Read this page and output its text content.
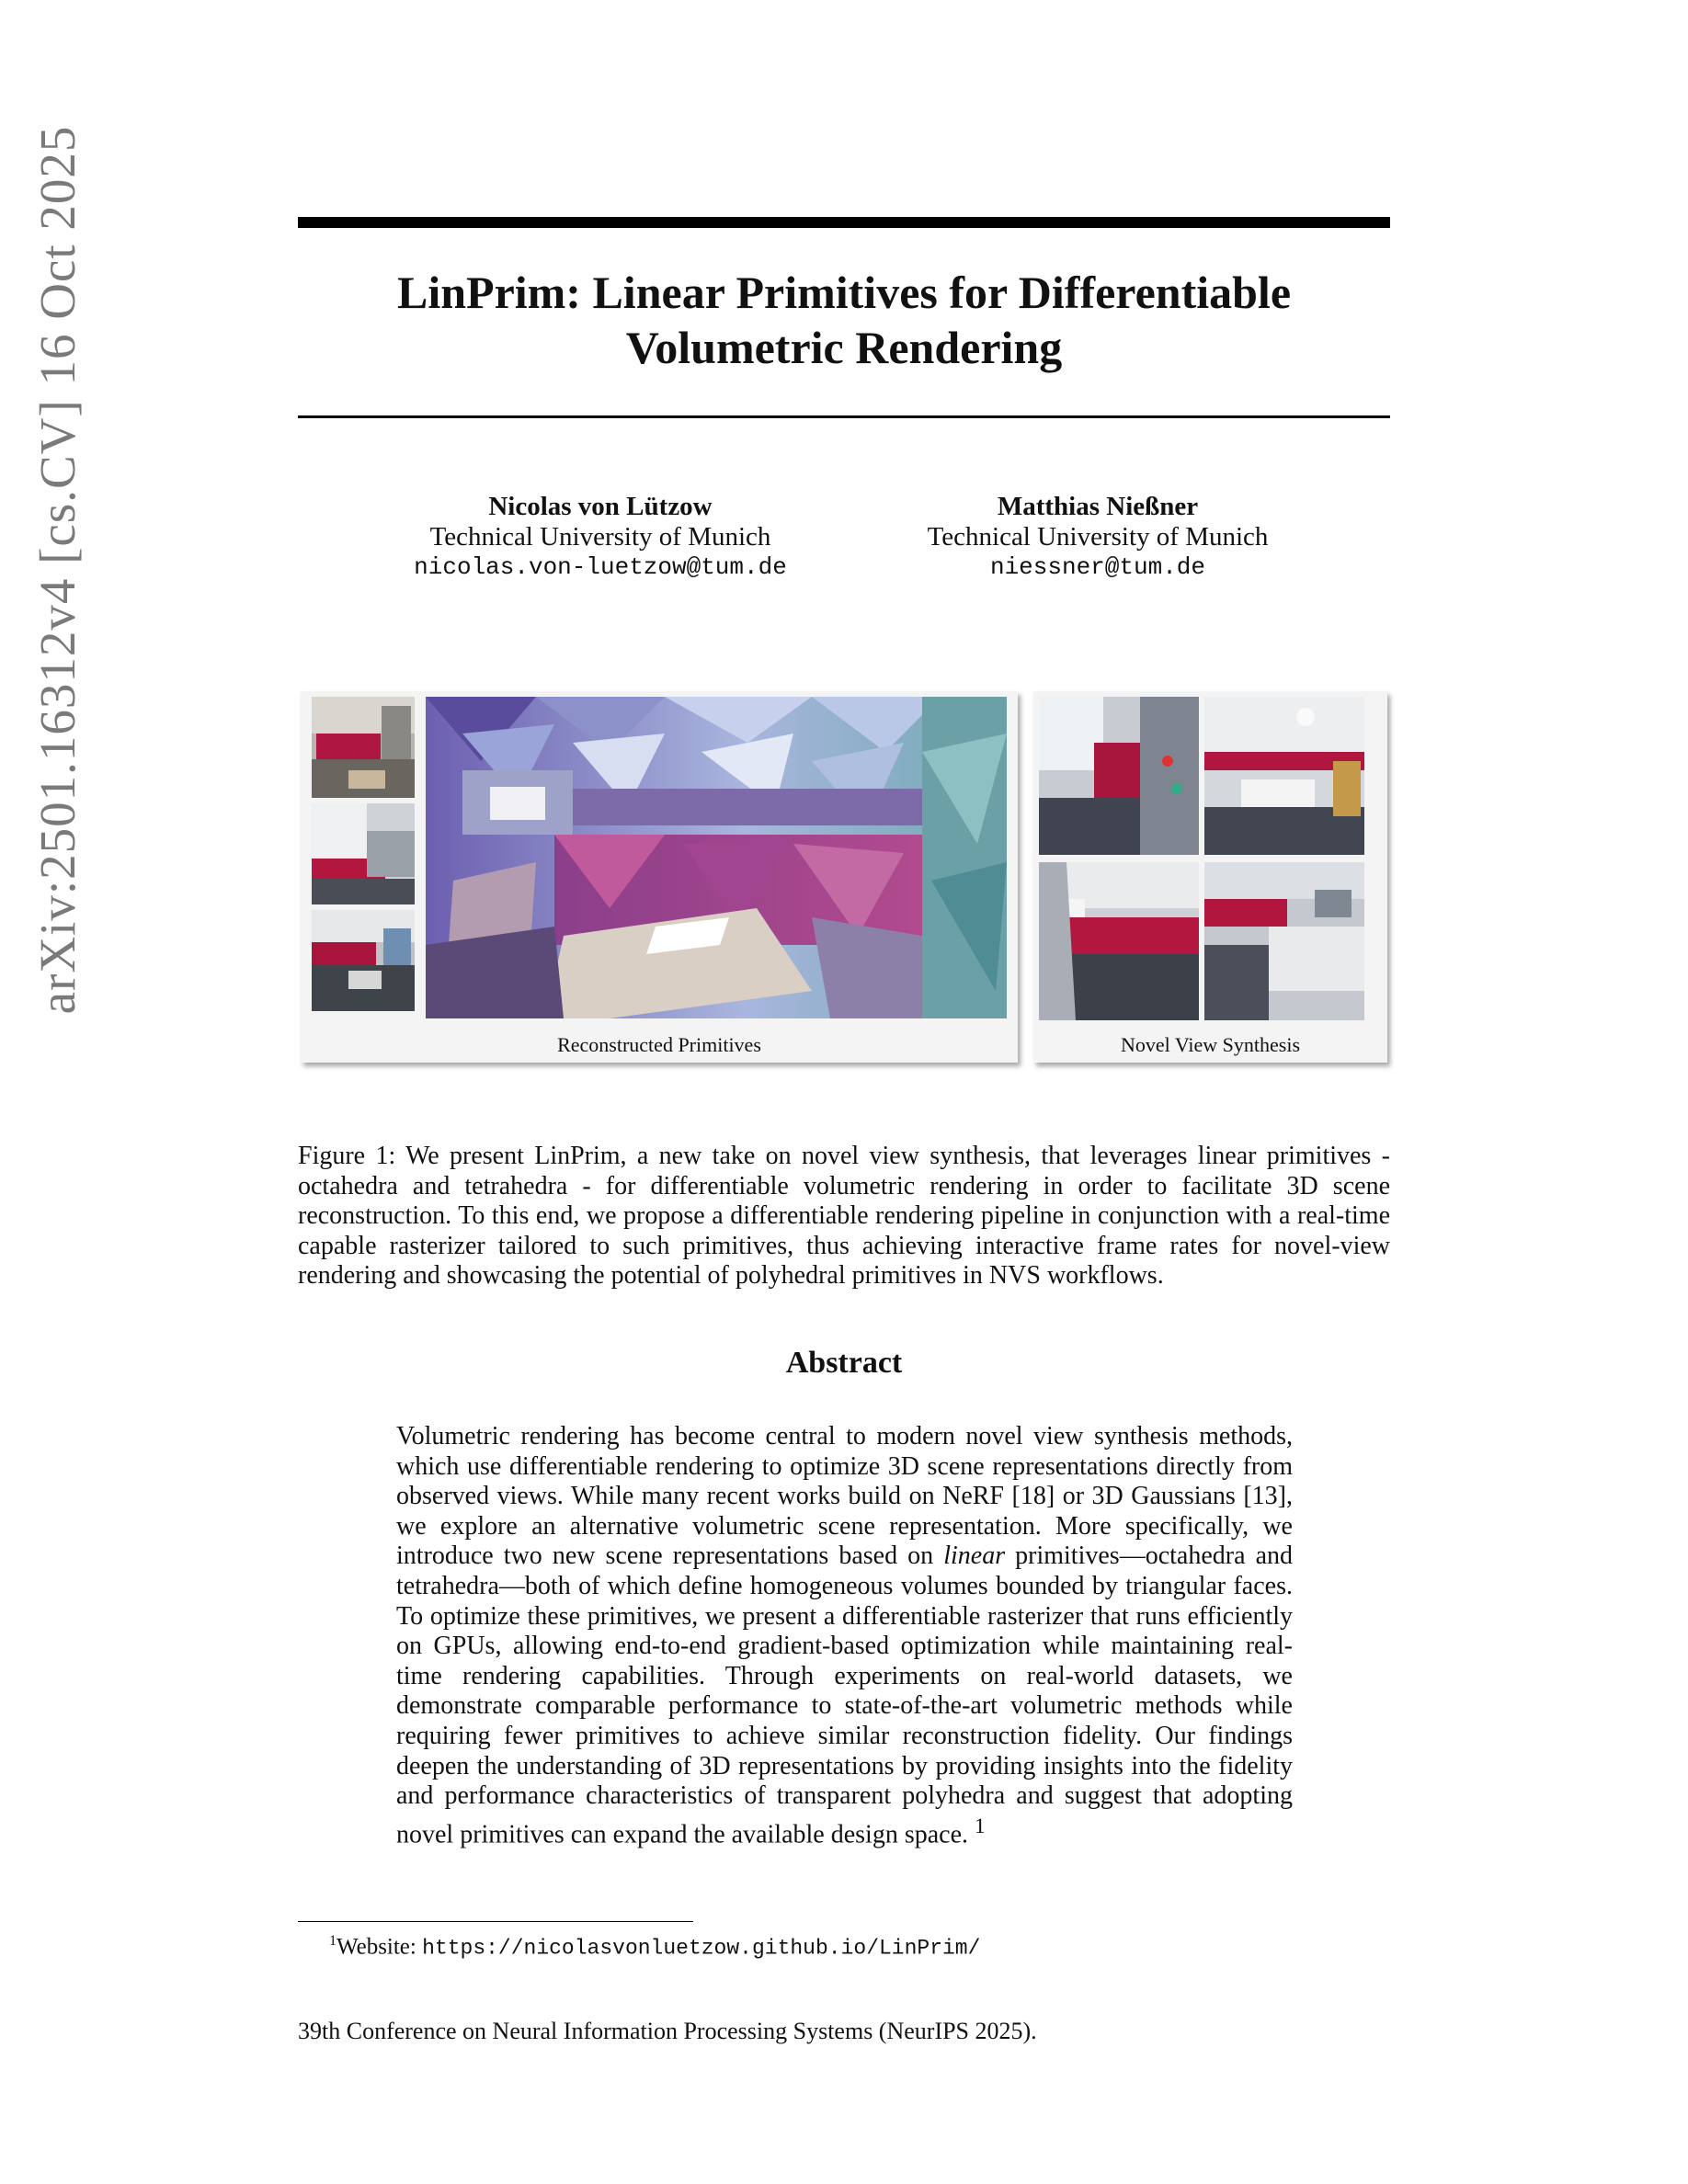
arXiv:2501.16312v4 [cs.CV] 16 Oct 2025	LinPrim: Linear Primitives for Differentiable
Volumetric Rendering
Nicolas von Lützow
Technical University of Munich
nicolas.von-luetzow@tum.de
Matthias Nießner
Technical University of Munich
niessner@tum.de
Reconstructed Primitives	Novel View Synthesis
Figure 1: We present LinPrim, a new take on novel view synthesis, that leverages linear primitives - octahedra and tetrahedra - for differentiable volumetric rendering in order to facilitate 3D scene reconstruction. To this end, we propose a differentiable rendering pipeline in conjunction with a real-time capable rasterizer tailored to such primitives, thus achieving interactive frame rates for novel-view rendering and showcasing the potential of polyhedral primitives in NVS workflows.
Abstract
Volumetric rendering has become central to modern novel view synthesis methods, which use differentiable rendering to optimize 3D scene representations directly from observed views. While many recent works build on NeRF [18] or 3D Gaussians [13], we explore an alternative volumetric scene representation. More specifically, we introduce two new scene representations based on linear primitives—octahedra and tetrahedra—both of which define homogeneous volumes bounded by triangular faces. To optimize these primitives, we present a differentiable rasterizer that runs efficiently on GPUs, allowing end-to-end gradient-based optimization while maintaining real-time rendering capabilities. Through experiments on real-world datasets, we demonstrate comparable performance to state-of-the-art volumetric methods while requiring fewer primitives to achieve similar reconstruction fidelity. Our findings deepen the understanding of 3D representations by providing insights into the fidelity and performance characteristics of transparent polyhedra and suggest that adopting novel primitives can expand the available design space. $^1$
$^1$Website: https://nicolasvonluetzow.github.io/LinPrim/
39th Conference on Neural Information Processing Systems (NeurIPS 2025).
